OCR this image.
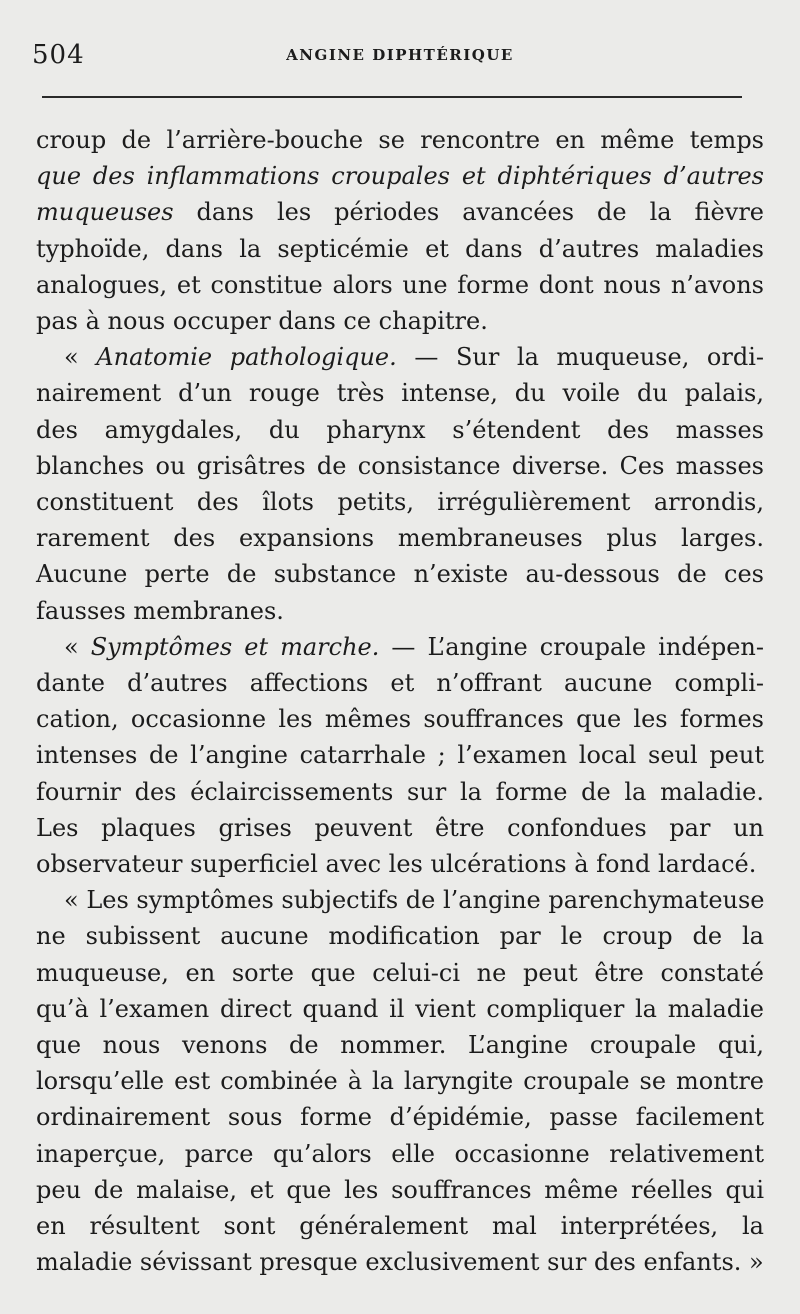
504	ANGINE DIPHTÉRIQUE
croup de l’arrière-bouche se rencontre en même temps
que des inflammations croupales et diphtériques d’autres
muqueuses dans les périodes avancées de la fièvre
typhoïde, dans la septicémie et dans d’autres maladies
analogues, et constitue alors une forme dont nous n’avons
pas à nous occuper dans ce chapitre.
« Anatomie pathologique. — Sur la muqueuse, ordi-
nairement d’un rouge très intense, du voile du palais,
des amygdales, du pharynx s’étendent des masses
blanches ou grisâtres de consistance diverse. Ces masses
constituent des îlots petits, irrégulièrement arrondis,
rarement des expansions membraneuses plus larges.
Aucune perte de substance n’existe au-dessous de ces
fausses membranes.
« Symptômes et marche. — L’angine croupale indépen-
dante d’autres affections et n’offrant aucune compli-
cation, occasionne les mêmes souffrances que les formes
intenses de l’angine catarrhale ; l’examen local seul peut
fournir des éclaircissements sur la forme de la maladie.
Les plaques grises peuvent être confondues par un
observateur superficiel avec les ulcérations à fond lardacé.
« Les symptômes subjectifs de l’angine parenchymateuse
ne subissent aucune modification par le croup de la
muqueuse, en sorte que celui-ci ne peut être constaté
qu’à l’examen direct quand il vient compliquer la maladie
que nous venons de nommer. L’angine croupale qui,
lorsqu’elle est combinée à la laryngite croupale se montre
ordinairement sous forme d’épidémie, passe facilement
inaperçue, parce qu’alors elle occasionne relativement
peu de malaise, et que les souffrances même réelles qui
en résultent sont généralement mal interprétées, la
maladie sévissant presque exclusivement sur des enfants. »
